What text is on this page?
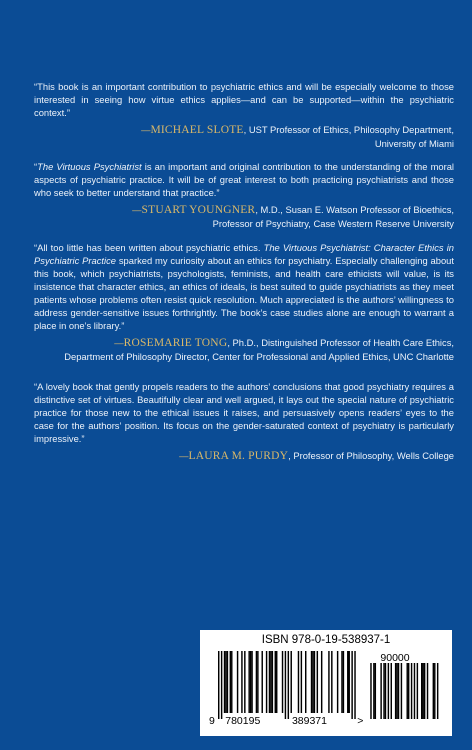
“This book is an important contribution to psychiatric ethics and will be especially welcome to those interested in seeing how virtue ethics applies—and can be supported—within the psychiatric context.”

—MICHAEL SLOTE, UST Professor of Ethics, Philosophy Department,
University of Miami

“The Virtuous Psychiatrist is an important and original contribution to the understanding of the moral aspects of psychiatric practice. It will be of great interest to both practicing psychiatrists and those who seek to better understand that practice.”

—STUART YOUNGNER, M.D., Susan E. Watson Professor of Bioethics,
Professor of Psychiatry, Case Western Reserve University

“All too little has been written about psychiatric ethics. The Virtuous Psychiatrist: Character Ethics in Psychiatric Practice sparked my curiosity about an ethics for psychiatry. Especially challenging about this book, which psychiatrists, psychologists, feminists, and health care ethicists will value, is its insistence that character ethics, an ethics of ideals, is best suited to guide psychiatrists as they meet patients whose problems often resist quick resolution. Much appreciated is the authors’ willingness to address gender-sensitive issues forthrightly. The book’s case studies alone are enough to warrant a place in one’s library.”

—ROSEMARIE TONG, Ph.D., Distinguished Professor of Health Care Ethics,
Department of Philosophy Director, Center for Professional and Applied Ethics, UNC Charlotte

“A lovely book that gently propels readers to the authors’ conclusions that good psychiatry requires a distinctive set of virtues. Beautifully clear and well argued, it lays out the special nature of psychiatric practice for those new to the ethical issues it raises, and persuasively opens readers’ eyes to the case for the authors’ position. Its focus on the gender-saturated context of psychiatry is particularly impressive.”

—LAURA M. PURDY, Professor of Philosophy, Wells College
ISBN 978-0-19-538937-1
9 780195	389371	>
90000
